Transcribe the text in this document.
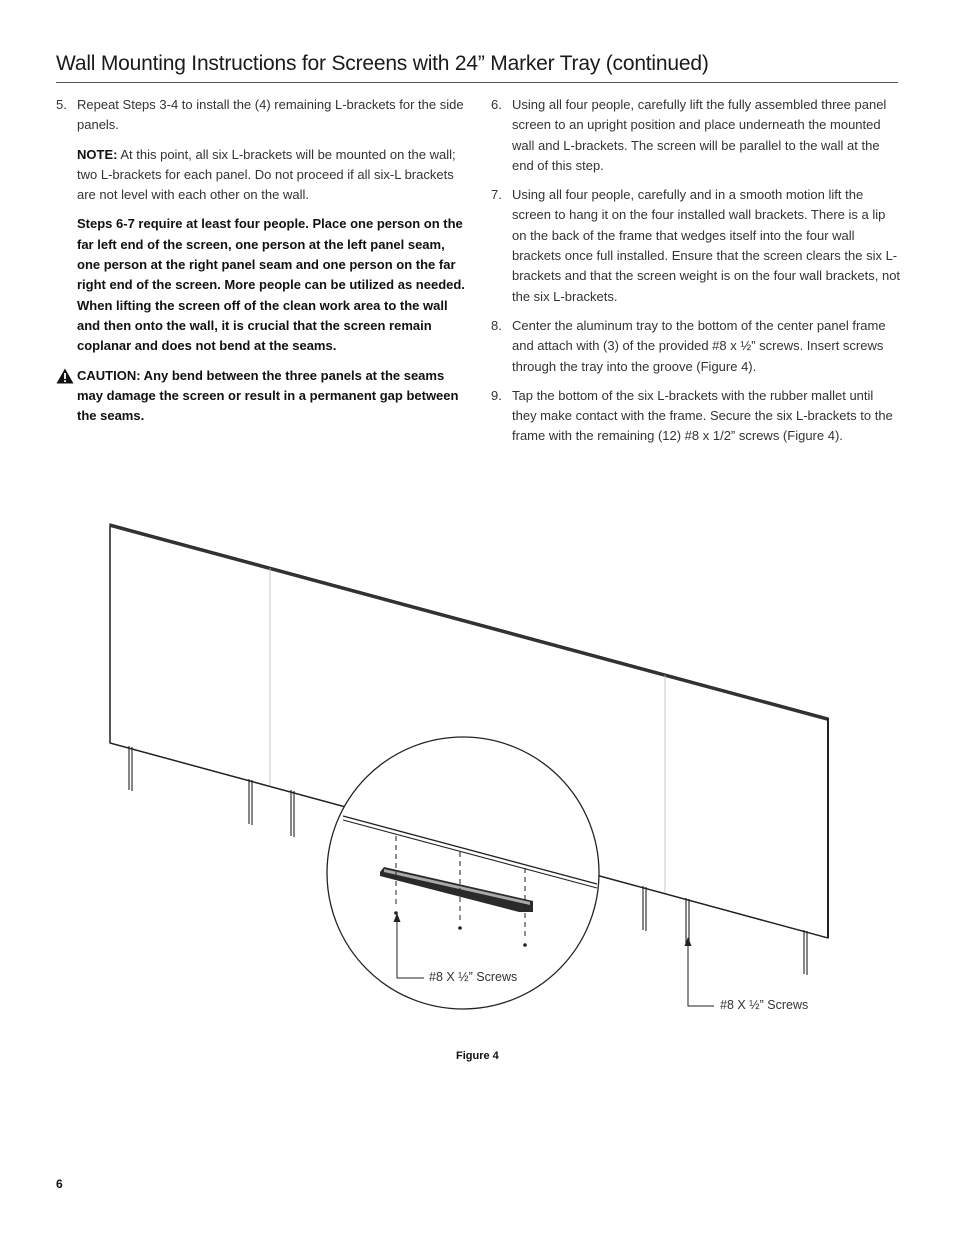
Wall Mounting Instructions for Screens with 24” Marker Tray (continued)
5. Repeat Steps 3-4 to install the (4) remaining L-brackets for the side panels.

NOTE: At this point, all six L-brackets will be mounted on the wall; two L-brackets for each panel. Do not proceed if all six-L brackets are not level with each other on the wall.

Steps 6-7 require at least four people. Place one person on the far left end of the screen, one person at the left panel seam, one person at the right panel seam and one person on the far right end of the screen. More people can be utilized as needed. When lifting the screen off of the clean work area to the wall and then onto the wall, it is crucial that the screen remain coplanar and does not bend at the seams.

CAUTION: Any bend between the three panels at the seams may damage the screen or result in a permanent gap between the seams.

6. Using all four people, carefully lift the fully assembled three panel screen to an upright position and place underneath the mounted wall and L-brackets. The screen will be parallel to the wall at the end of this step.
7. Using all four people, carefully and in a smooth motion lift the screen to hang it on the four installed wall brackets. There is a lip on the back of the frame that wedges itself into the four wall brackets once full installed. Ensure that the screen clears the six L-brackets and that the screen weight is on the four wall brackets, not the six L-brackets.
8. Center the aluminum tray to the bottom of the center panel frame and attach with (3) of the provided #8 x ½” screws. Insert screws through the tray into the groove (Figure 4).
9. Tap the bottom of the six L-brackets with the rubber mallet until they make contact with the frame. Secure the six L-brackets to the frame with the remaining (12) #8 x 1/2” screws (Figure 4).
#8 X ½” Screws
#8 X ½” Screws
Figure 4
6
